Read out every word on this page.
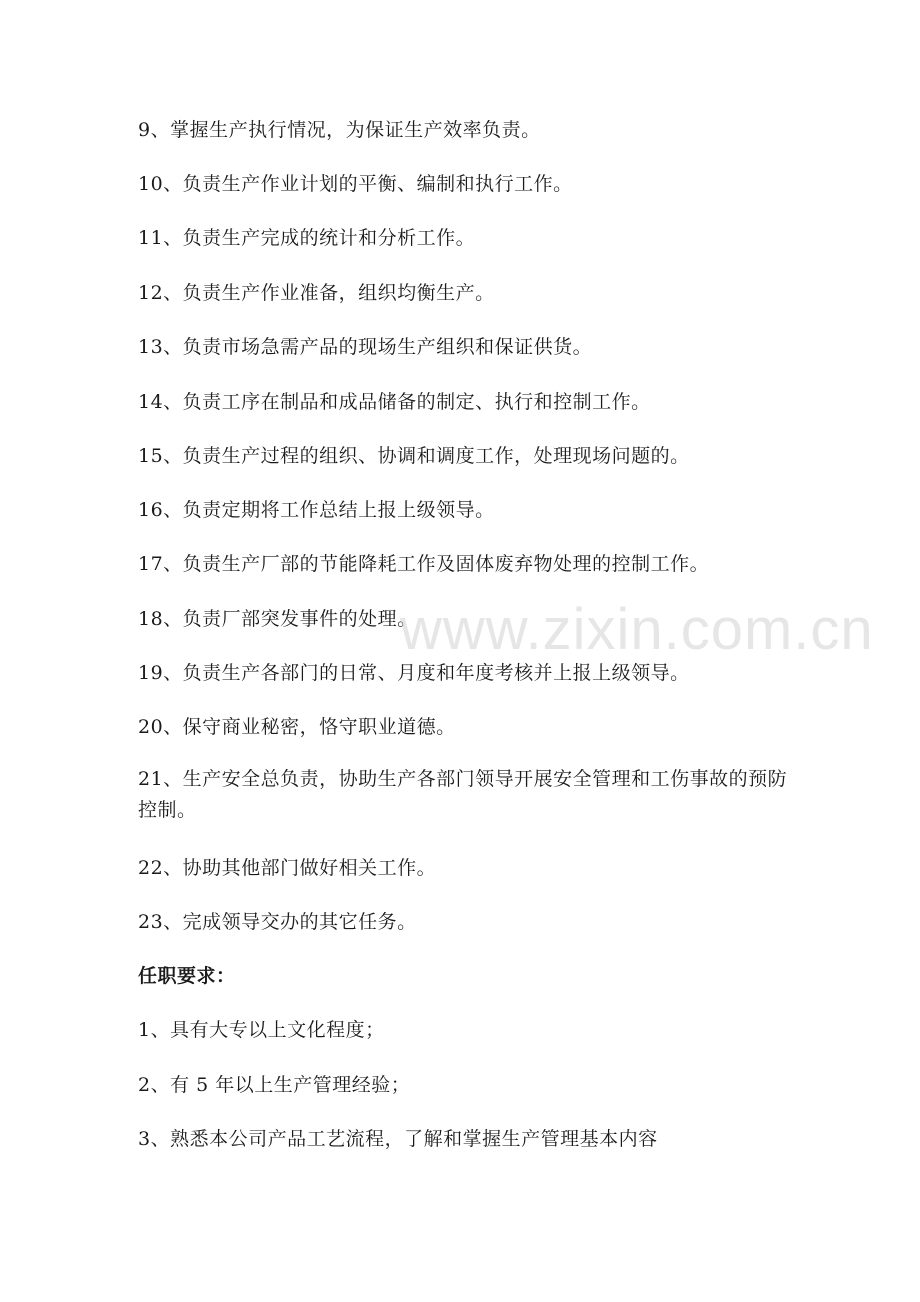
9、掌握生产执行情况，为保证生产效率负责。
10、负责生产作业计划的平衡、编制和执行工作。
11、负责生产完成的统计和分析工作。
12、负责生产作业准备，组织均衡生产。
13、负责市场急需产品的现场生产组织和保证供货。
14、负责工序在制品和成品储备的制定、执行和控制工作。
15、负责生产过程的组织、协调和调度工作，处理现场问题的。
16、负责定期将工作总结上报上级领导。
17、负责生产厂部的节能降耗工作及固体废弃物处理的控制工作。
18、负责厂部突发事件的处理。
19、负责生产各部门的日常、月度和年度考核并上报上级领导。
20、保守商业秘密，恪守职业道德。
21、生产安全总负责，协助生产各部门领导开展安全管理和工伤事故的预防控制。
22、协助其他部门做好相关工作。
23、完成领导交办的其它任务。
任职要求：
1、具有大专以上文化程度；
2、有 5 年以上生产管理经验；
3、熟悉本公司产品工艺流程，了解和掌握生产管理基本内容
www.zixin.com.cn
